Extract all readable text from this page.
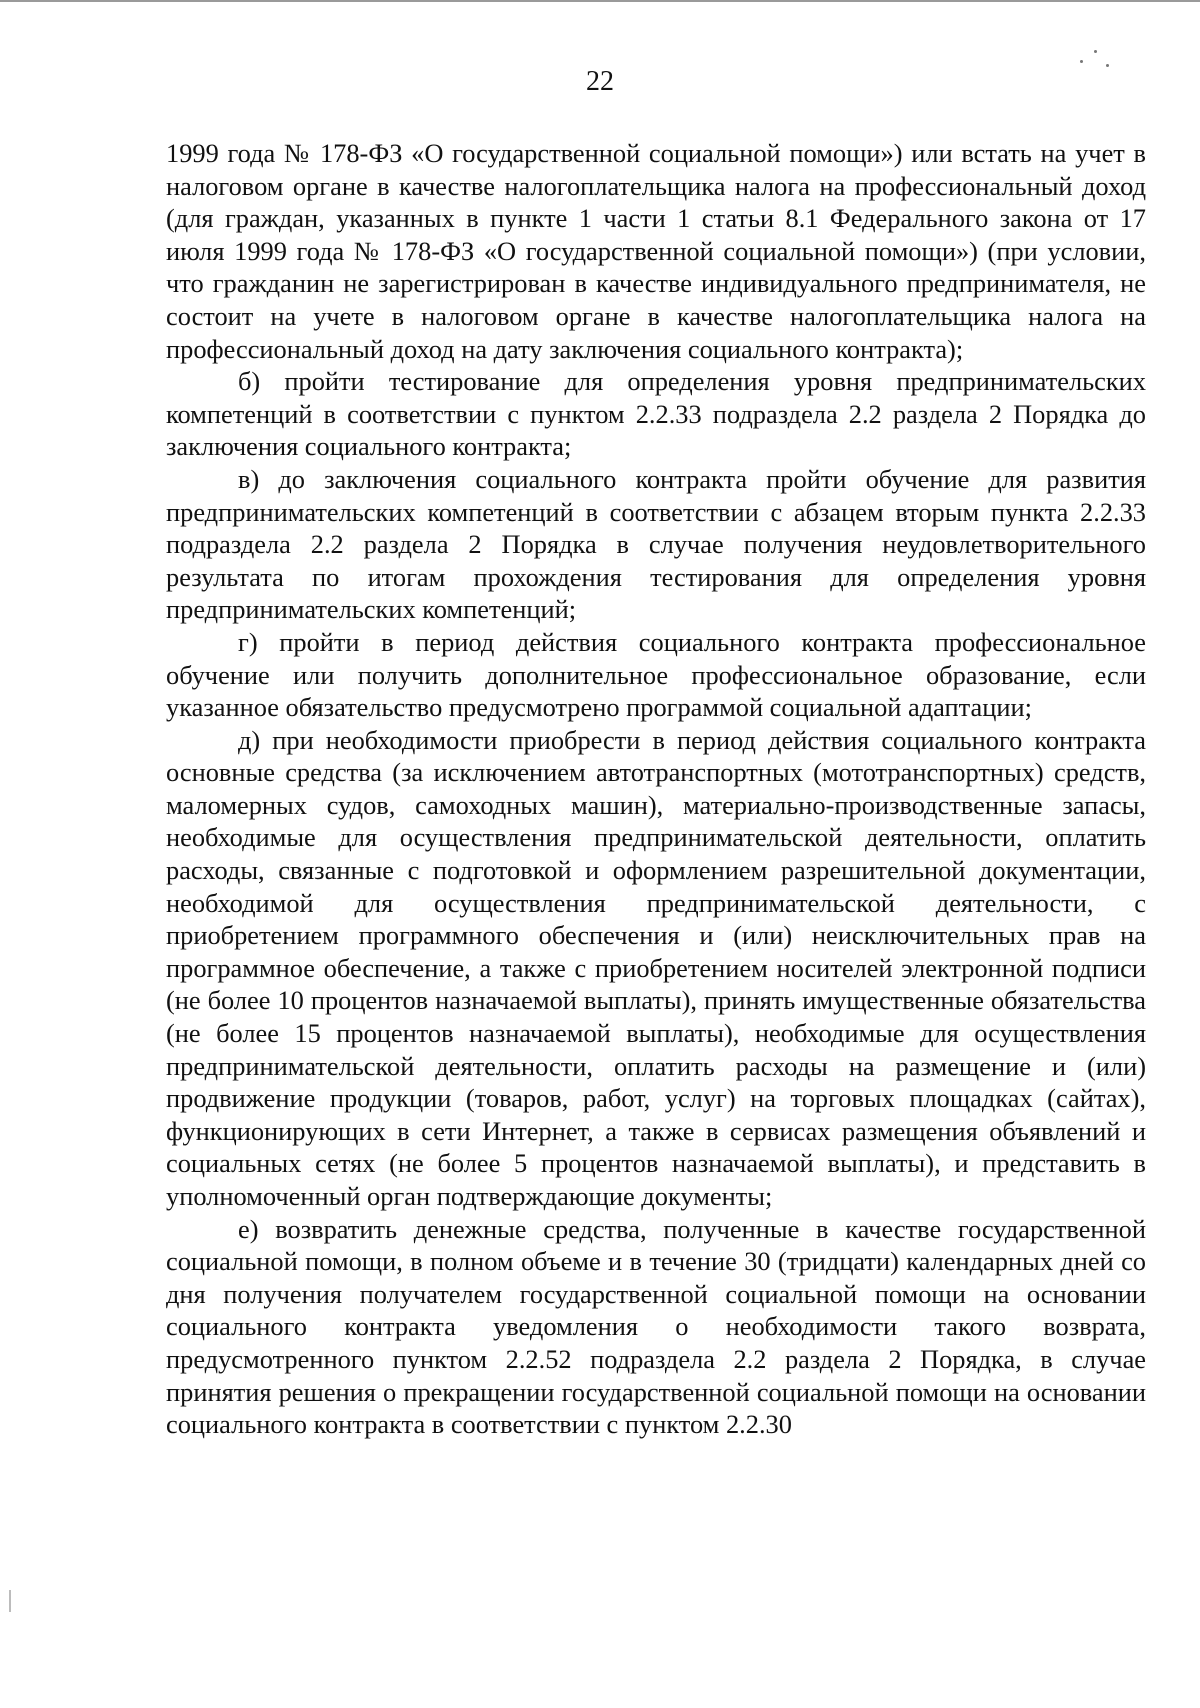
22

1999 года № 178-ФЗ «О государственной социальной помощи») или встать на учет в налоговом органе в качестве налогоплательщика налога на профессиональный доход (для граждан, указанных в пункте 1 части 1 статьи 8.1 Федерального закона от 17 июля 1999 года № 178-ФЗ «О государственной социальной помощи») (при условии, что гражданин не зарегистрирован в качестве индивидуального предпринимателя, не состоит на учете в налоговом органе в качестве налогоплательщика налога на профессиональный доход на дату заключения социального контракта);

б) пройти тестирование для определения уровня предпринимательских компетенций в соответствии с пунктом 2.2.33 подраздела 2.2 раздела 2 Порядка до заключения социального контракта;

в) до заключения социального контракта пройти обучение для развития предпринимательских компетенций в соответствии с абзацем вторым пункта 2.2.33 подраздела 2.2 раздела 2 Порядка в случае получения неудовлетворительного результата по итогам прохождения тестирования для определения уровня предпринимательских компетенций;

г) пройти в период действия социального контракта профессиональное обучение или получить дополнительное профессиональное образование, если указанное обязательство предусмотрено программой социальной адаптации;

д) при необходимости приобрести в период действия социального контракта основные средства (за исключением автотранспортных (мототранспортных) средств, маломерных судов, самоходных машин), материально-производственные запасы, необходимые для осуществления предпринимательской деятельности, оплатить расходы, связанные с подготовкой и оформлением разрешительной документации, необходимой для осуществления предпринимательской деятельности, с приобретением программного обеспечения и (или) неисключительных прав на программное обеспечение, а также с приобретением носителей электронной подписи (не более 10 процентов назначаемой выплаты), принять имущественные обязательства (не более 15 процентов назначаемой выплаты), необходимые для осуществления предпринимательской деятельности, оплатить расходы на размещение и (или) продвижение продукции (товаров, работ, услуг) на торговых площадках (сайтах), функционирующих в сети Интернет, а также в сервисах размещения объявлений и социальных сетях (не более 5 процентов назначаемой выплаты), и представить в уполномоченный орган подтверждающие документы;

е) возвратить денежные средства, полученные в качестве государственной социальной помощи, в полном объеме и в течение 30 (тридцати) календарных дней со дня получения получателем государственной социальной помощи на основании социального контракта уведомления о необходимости такого возврата, предусмотренного пунктом 2.2.52 подраздела 2.2 раздела 2 Порядка, в случае принятия решения о прекращении государственной социальной помощи на основании социального контракта в соответствии с пунктом 2.2.30
